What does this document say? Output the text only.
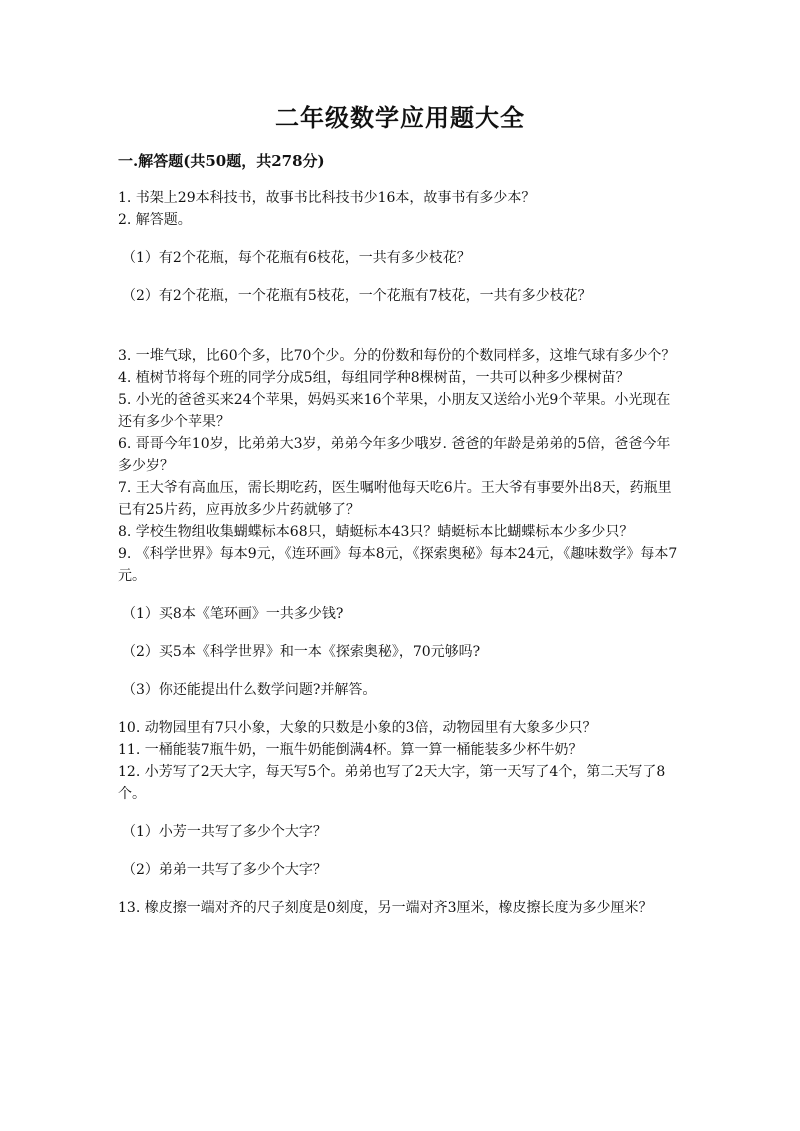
二年级数学应用题大全
一.解答题(共50题，共278分)

1. 书架上29本科技书，故事书比科技书少16本，故事书有多少本？

2. 解答题。

（1）有2个花瓶，每个花瓶有6枝花，一共有多少枝花？

（2）有2个花瓶，一个花瓶有5枝花，一个花瓶有7枝花，一共有多少枝花？

3. 一堆气球，比60个多，比70个少。分的份数和每份的个数同样多，这堆气球有多少个？

4. 植树节将每个班的同学分成5组，每组同学种8棵树苗，一共可以种多少棵树苗？

5. 小光的爸爸买来24个苹果，妈妈买来16个苹果，小朋友又送给小光9个苹果。小光现在还有多少个苹果？

6. 哥哥今年10岁，比弟弟大3岁，弟弟今年多少哦岁. 爸爸的年龄是弟弟的5倍，爸爸今年多少岁？

7. 王大爷有高血压，需长期吃药，医生嘱咐他每天吃6片。王大爷有事要外出8天，药瓶里已有25片药，应再放多少片药就够了？

8. 学校生物组收集蝴蝶标本68只，蜻蜓标本43只？蜻蜓标本比蝴蝶标本少多少只？

9. 《科学世界》每本9元，《连环画》每本8元，《探索奥秘》每本24元，《趣味数学》每本7元。

（1）买8本《笔环画》一共多少钱?

（2）买5本《科学世界》和一本《探索奥秘》，70元够吗?

（3）你还能提出什么数学问题?并解答。

10. 动物园里有7只小象，大象的只数是小象的3倍，动物园里有大象多少只？

11. 一桶能装7瓶牛奶，一瓶牛奶能倒满4杯。算一算一桶能装多少杯牛奶？

12. 小芳写了2天大字，每天写5个。弟弟也写了2天大字，第一天写了4个，第二天写了8个。

（1）小芳一共写了多少个大字？

（2）弟弟一共写了多少个大字？

13. 橡皮擦一端对齐的尺子刻度是0刻度，另一端对齐3厘米，橡皮擦长度为多少厘米？
